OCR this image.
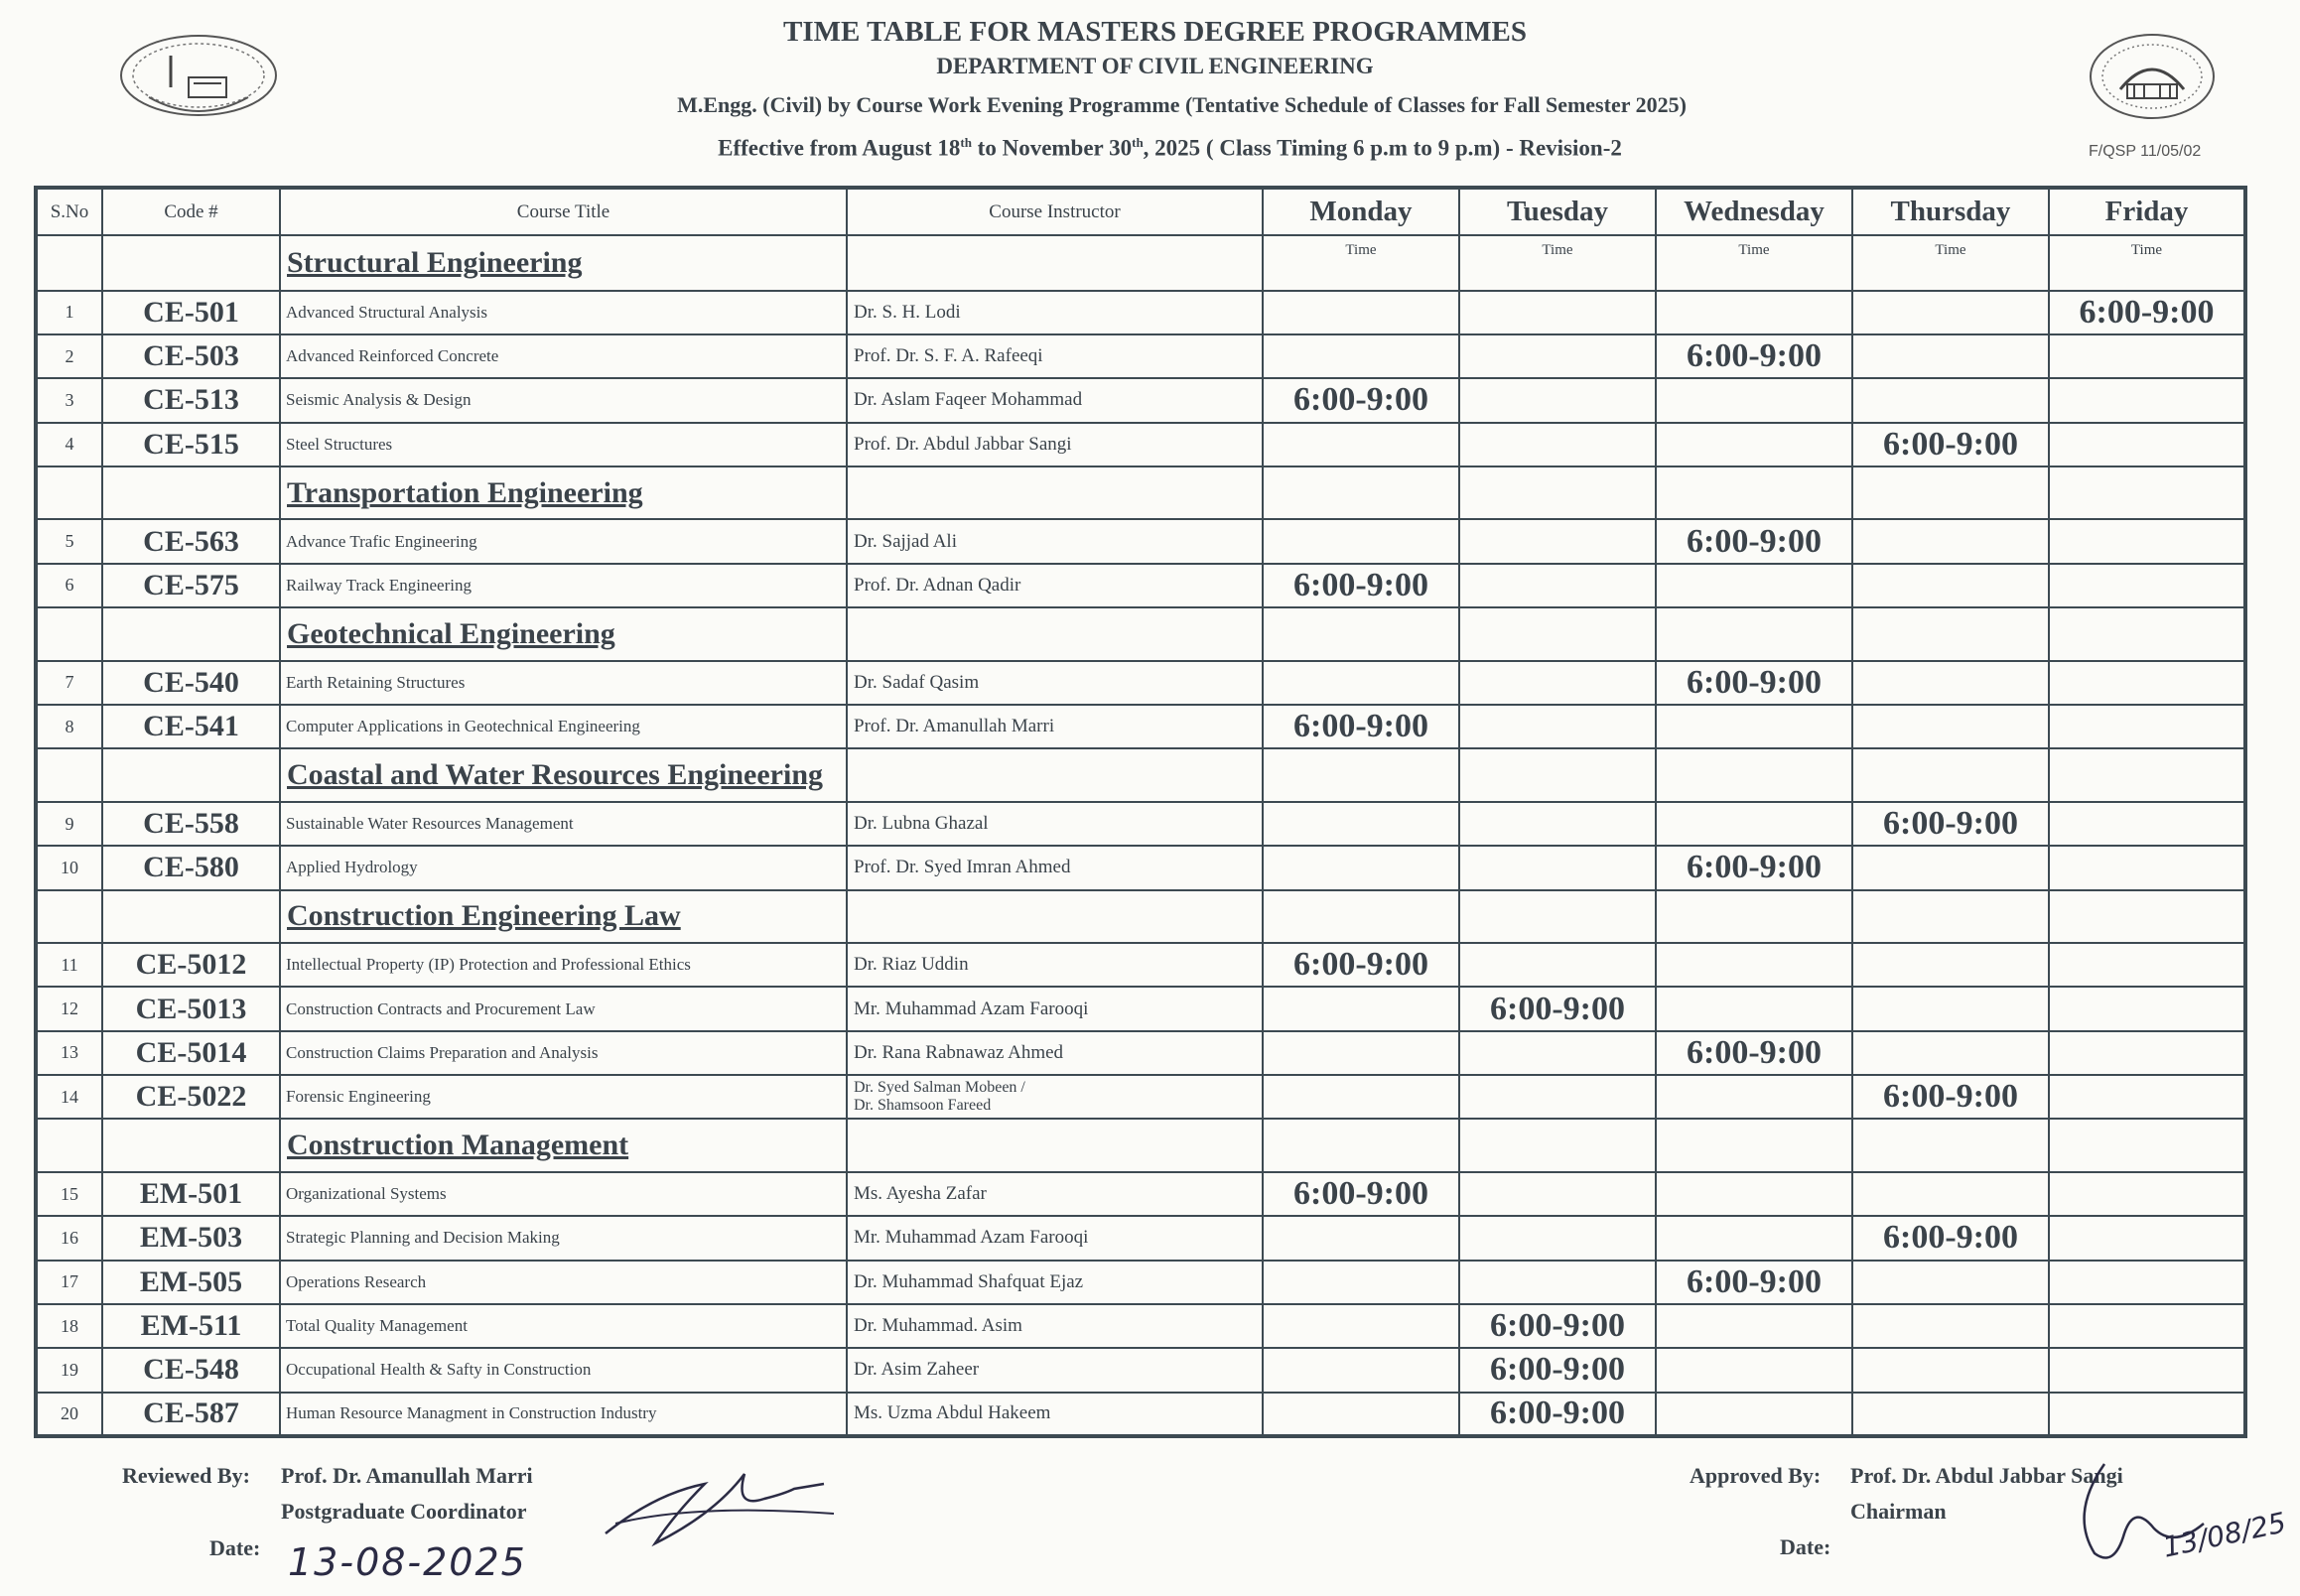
TIME TABLE FOR MASTERS DEGREE PROGRAMMES
DEPARTMENT OF CIVIL ENGINEERING
M.Engg. (Civil) by Course Work Evening Programme (Tentative Schedule of Classes for Fall Semester 2025)
Effective from August 18th to November 30th, 2025 ( Class Timing 6 p.m to 9 p.m) - Revision-2	F/QSP 11/05/02
S.No	Code #	Course Title	Course Instructor	Monday	Tuesday	Wednesday	Thursday	Friday
		Structural Engineering		Time	Time	Time	Time	Time
1	CE-501	Advanced Structural Analysis	Dr. S. H. Lodi					6:00-9:00
2	CE-503	Advanced Reinforced Concrete	Prof. Dr. S. F. A. Rafeeqi			6:00-9:00		
3	CE-513	Seismic Analysis & Design	Dr. Aslam Faqeer Mohammad	6:00-9:00				
4	CE-515	Steel Structures	Prof. Dr. Abdul Jabbar Sangi				6:00-9:00	
		Transportation Engineering						
5	CE-563	Advance Trafic Engineering	Dr. Sajjad Ali			6:00-9:00		
6	CE-575	Railway Track Engineering	Prof. Dr. Adnan Qadir	6:00-9:00				
		Geotechnical Engineering						
7	CE-540	Earth Retaining Structures	Dr. Sadaf Qasim			6:00-9:00		
8	CE-541	Computer Applications in Geotechnical Engineering	Prof. Dr. Amanullah Marri	6:00-9:00				
		Coastal and Water Resources Engineering						
9	CE-558	Sustainable Water Resources Management	Dr. Lubna Ghazal				6:00-9:00	
10	CE-580	Applied Hydrology	Prof. Dr. Syed Imran Ahmed			6:00-9:00		
		Construction Engineering Law						
11	CE-5012	Intellectual Property (IP) Protection and Professional Ethics	Dr. Riaz Uddin	6:00-9:00				
12	CE-5013	Construction Contracts and Procurement Law	Mr. Muhammad Azam Farooqi		6:00-9:00			
13	CE-5014	Construction Claims Preparation and Analysis	Dr. Rana Rabnawaz Ahmed			6:00-9:00		
14	CE-5022	Forensic Engineering	Dr. Syed Salman Mobeen /
Dr. Shamsoon Fareed				6:00-9:00	
		Construction Management						
15	EM-501	Organizational Systems	Ms. Ayesha Zafar	6:00-9:00				
16	EM-503	Strategic Planning and Decision Making	Mr. Muhammad Azam Farooqi				6:00-9:00	
17	EM-505	Operations Research	Dr. Muhammad Shafquat Ejaz			6:00-9:00		
18	EM-511	Total Quality Management	Dr. Muhammad. Asim		6:00-9:00			
19	CE-548	Occupational Health & Safty in Construction	Dr. Asim Zaheer		6:00-9:00			
20	CE-587	Human Resource Managment in Construction Industry	Ms. Uzma Abdul Hakeem		6:00-9:00			
Reviewed By: Prof. Dr. Amanullah Marri
Postgraduate Coordinator
Date: 13-08-2025
Approved By: Prof. Dr. Abdul Jabbar Sangi
Chairman
Date:	13/08/25
